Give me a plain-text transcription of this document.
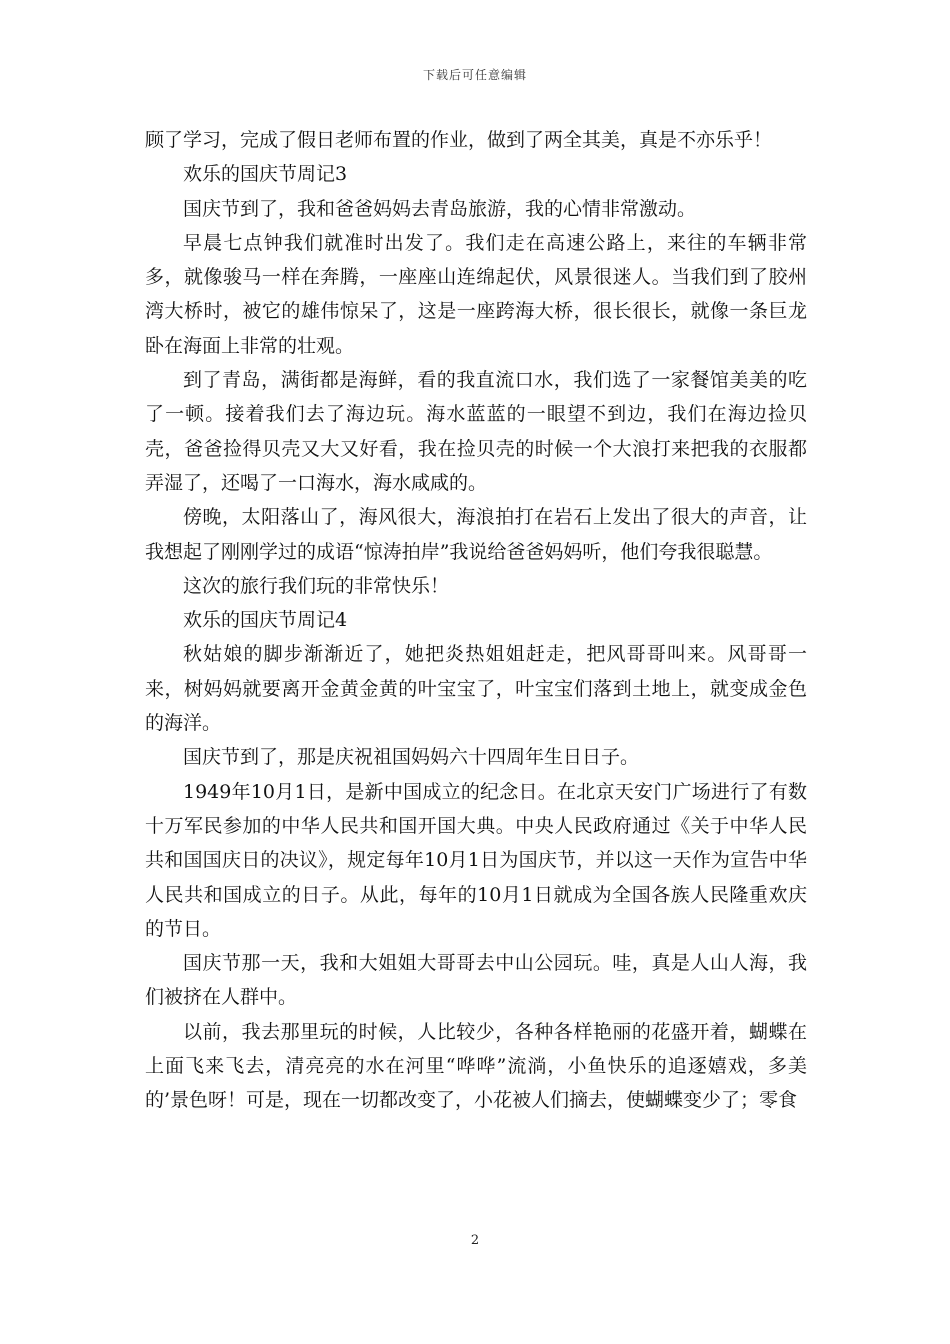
下载后可任意编辑

顾了学习，完成了假日老师布置的作业，做到了两全其美，真是不亦乐乎！

欢乐的国庆节周记3

国庆节到了，我和爸爸妈妈去青岛旅游，我的心情非常激动。

早晨七点钟我们就准时出发了。我们走在高速公路上，来往的车辆非常多，就像骏马一样在奔腾，一座座山连绵起伏，风景很迷人。当我们到了胶州湾大桥时，被它的雄伟惊呆了，这是一座跨海大桥，很长很长，就像一条巨龙卧在海面上非常的壮观。

到了青岛，满街都是海鲜，看的我直流口水，我们选了一家餐馆美美的吃了一顿。接着我们去了海边玩。海水蓝蓝的一眼望不到边，我们在海边捡贝壳，爸爸捡得贝壳又大又好看，我在捡贝壳的时候一个大浪打来把我的衣服都弄湿了，还喝了一口海水，海水咸咸的。

傍晚，太阳落山了，海风很大，海浪拍打在岩石上发出了很大的声音，让我想起了刚刚学过的成语“惊涛拍岸”我说给爸爸妈妈听，他们夸我很聪慧。

这次的旅行我们玩的非常快乐！

欢乐的国庆节周记4

秋姑娘的脚步渐渐近了，她把炎热姐姐赶走，把风哥哥叫来。风哥哥一来，树妈妈就要离开金黄金黄的叶宝宝了，叶宝宝们落到土地上，就变成金色的海洋。

国庆节到了，那是庆祝祖国妈妈六十四周年生日日子。

1949年10月1日，是新中国成立的纪念日。在北京天安门广场进行了有数十万军民参加的中华人民共和国开国大典。中央人民政府通过《关于中华人民共和国国庆日的决议》，规定每年10月1日为国庆节，并以这一天作为宣告中华人民共和国成立的日子。从此，每年的10月1日就成为全国各族人民隆重欢庆的节日。

国庆节那一天，我和大姐姐大哥哥去中山公园玩。哇，真是人山人海，我们被挤在人群中。

以前，我去那里玩的时候，人比较少，各种各样艳丽的花盛开着，蝴蝶在上面飞来飞去，清亮亮的水在河里“哗哗”流淌，小鱼快乐的追逐嬉戏，多美的’景色呀！可是，现在一切都改变了，小花被人们摘去，使蝴蝶变少了；零食

2
